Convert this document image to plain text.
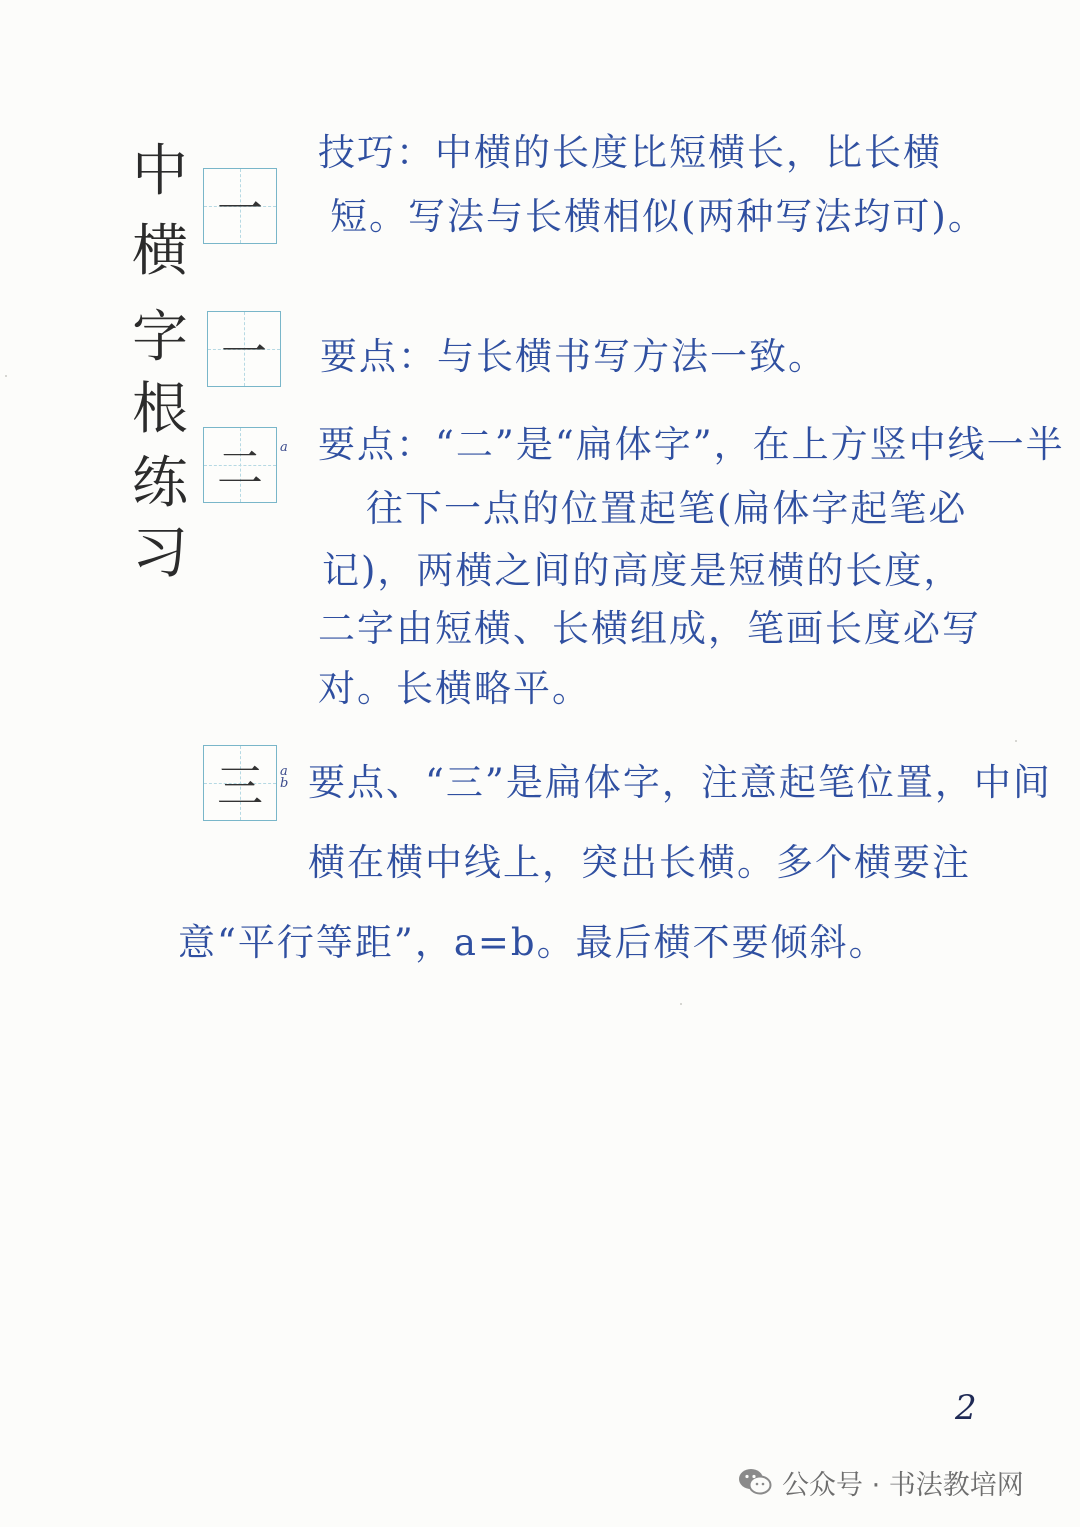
中
横
字
根
练
习
一
一
二	a
三	a b
技巧：中横的长度比短横长，比长横
短。写法与长横相似(两种写法均可)。
要点：与长横书写方法一致。
要点：“二”是“扁体字”，在上方竖中线一半
往下一点的位置起笔(扁体字起笔必
记)，两横之间的高度是短横的长度，
二字由短横、长横组成，笔画长度必写
对。长横略平。
要点、“三”是扁体字，注意起笔位置，中间
横在横中线上，突出长横。多个横要注
意“平行等距”，a=b。最后横不要倾斜。
2
公众号 · 书法教培网
